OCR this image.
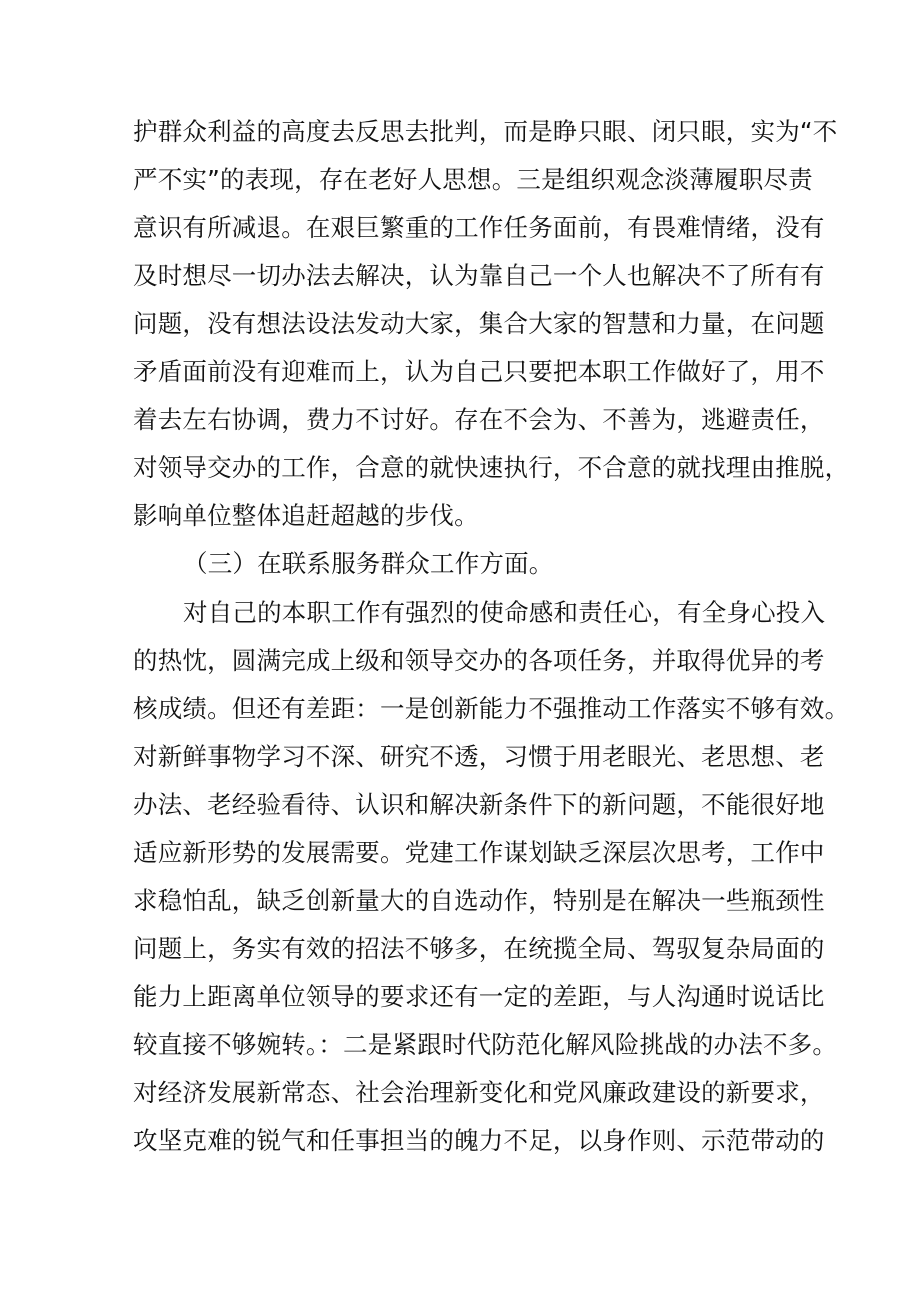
护群众利益的高度去反思去批判，而是睁只眼、闭只眼，实为“不
严不实”的表现，存在老好人思想。三是组织观念淡薄履职尽责
意识有所减退。在艰巨繁重的工作任务面前，有畏难情绪，没有
及时想尽一切办法去解决，认为靠自己一个人也解决不了所有有
问题，没有想法设法发动大家，集合大家的智慧和力量，在问题
矛盾面前没有迎难而上，认为自己只要把本职工作做好了，用不
着去左右协调，费力不讨好。存在不会为、不善为，逃避责任，
对领导交办的工作，合意的就快速执行，不合意的就找理由推脱，
影响单位整体追赶超越的步伐。
（三）在联系服务群众工作方面。
对自己的本职工作有强烈的使命感和责任心，有全身心投入
的热忱，圆满完成上级和领导交办的各项任务，并取得优异的考
核成绩。但还有差距：一是创新能力不强推动工作落实不够有效。
对新鲜事物学习不深、研究不透，习惯于用老眼光、老思想、老
办法、老经验看待、认识和解决新条件下的新问题，不能很好地
适应新形势的发展需要。党建工作谋划缺乏深层次思考，工作中
求稳怕乱，缺乏创新量大的自选动作，特别是在解决一些瓶颈性
问题上，务实有效的招法不够多，在统揽全局、驾驭复杂局面的
能力上距离单位领导的要求还有一定的差距，与人沟通时说话比
较直接不够婉转。：二是紧跟时代防范化解风险挑战的办法不多。
对经济发展新常态、社会治理新变化和党风廉政建设的新要求，
攻坚克难的锐气和任事担当的魄力不足，以身作则、示范带动的
